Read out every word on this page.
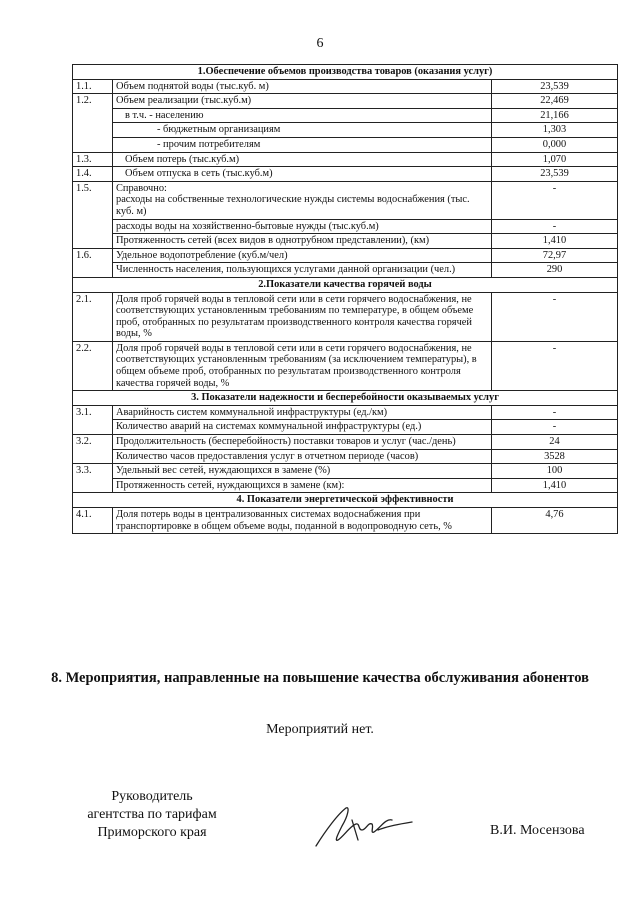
6
1.Обеспечение объемов производства товаров (оказания услуг)		
1.1.	Объем поднятой воды (тыс.куб. м)	23,539
1.2.	Объем реализации (тыс.куб.м)	22,469
	в т.ч. - населению	21,166
	- бюджетным организациям	1,303
	- прочим потребителям	0,000
1.3.	Объем потерь (тыс.куб.м)	1,070
1.4.	Объем отпуска в сеть (тыс.куб.м)	23,539
1.5.	Справочно:
расходы на собственные технологические нужды системы водоснабжения (тыс. куб. м)	-
	расходы воды на хозяйственно-бытовые нужды (тыс.куб.м)	-
	Протяженность сетей (всех видов в однотрубном представлении), (км)	1,410
1.6.	Удельное водопотребление (куб.м/чел)	72,97
	Численность населения, пользующихся услугами данной организации (чел.)	290
2.Показатели качества горячей воды		
2.1.	Доля проб горячей воды в тепловой сети или в сети горячего водоснабжения, не соответствующих установленным требованиям по температуре, в общем объеме проб, отобранных по результатам производственного контроля качества горячей воды, %	-
2.2.	Доля проб горячей воды в тепловой сети или в сети горячего водоснабжения, не соответствующих установленным требованиям (за исключением температуры), в общем объеме проб, отобранных по результатам производственного контроля качества горячей воды, %	-
3. Показатели надежности и бесперебойности оказываемых услуг		
3.1.	Аварийность систем коммунальной инфраструктуры (ед./км)	-
	Количество аварий на системах коммунальной инфраструктуры (ед.)	-
3.2.	Продолжительность (бесперебойность) поставки товаров и услуг (час./день)	24
	Количество часов предоставления услуг в отчетном периоде (часов)	3528
3.3.	Удельный вес сетей, нуждающихся в замене (%)	100
	Протяженность сетей, нуждающихся в замене (км):	1,410
4. Показатели энергетической эффективности		
4.1.	Доля потерь воды в централизованных системах водоснабжения при транспортировке в общем объеме воды, поданной в водопроводную сеть, %	4,76
8. Мероприятия, направленные на повышение качества обслуживания абонентов
Мероприятий нет.
Руководитель
агентства по тарифам
Приморского края	В.И. Мосензова
